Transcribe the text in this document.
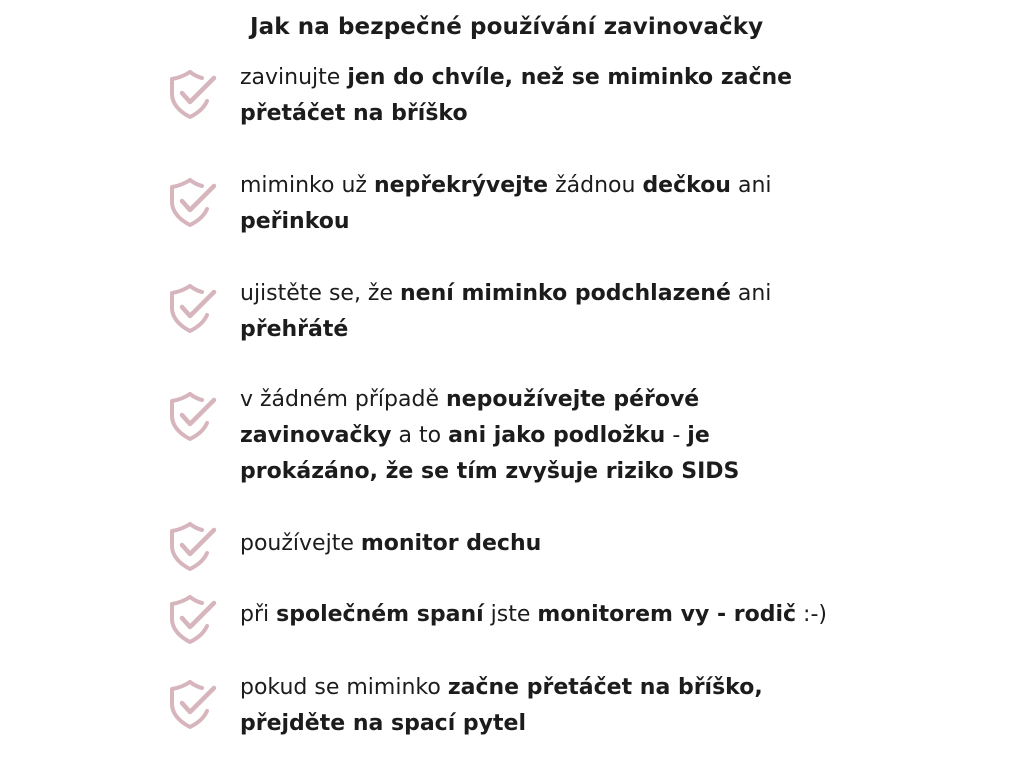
Jak na bezpečné používání zavinovačky

zavinujte jen do chvíle, než se miminko začne přetáčet na bříško

miminko už nepřekrývejte žádnou dečkou ani peřinkou

ujistěte se, že není miminko podchlazené ani přehřáté

v žádném případě nepoužívejte péřové zavinovačky a to ani jako podložku - je prokázáno, že se tím zvyšuje riziko SIDS

používejte monitor dechu

při společném spaní jste monitorem vy - rodič :-)

pokud se miminko začne přetáčet na bříško, přejděte na spací pytel
